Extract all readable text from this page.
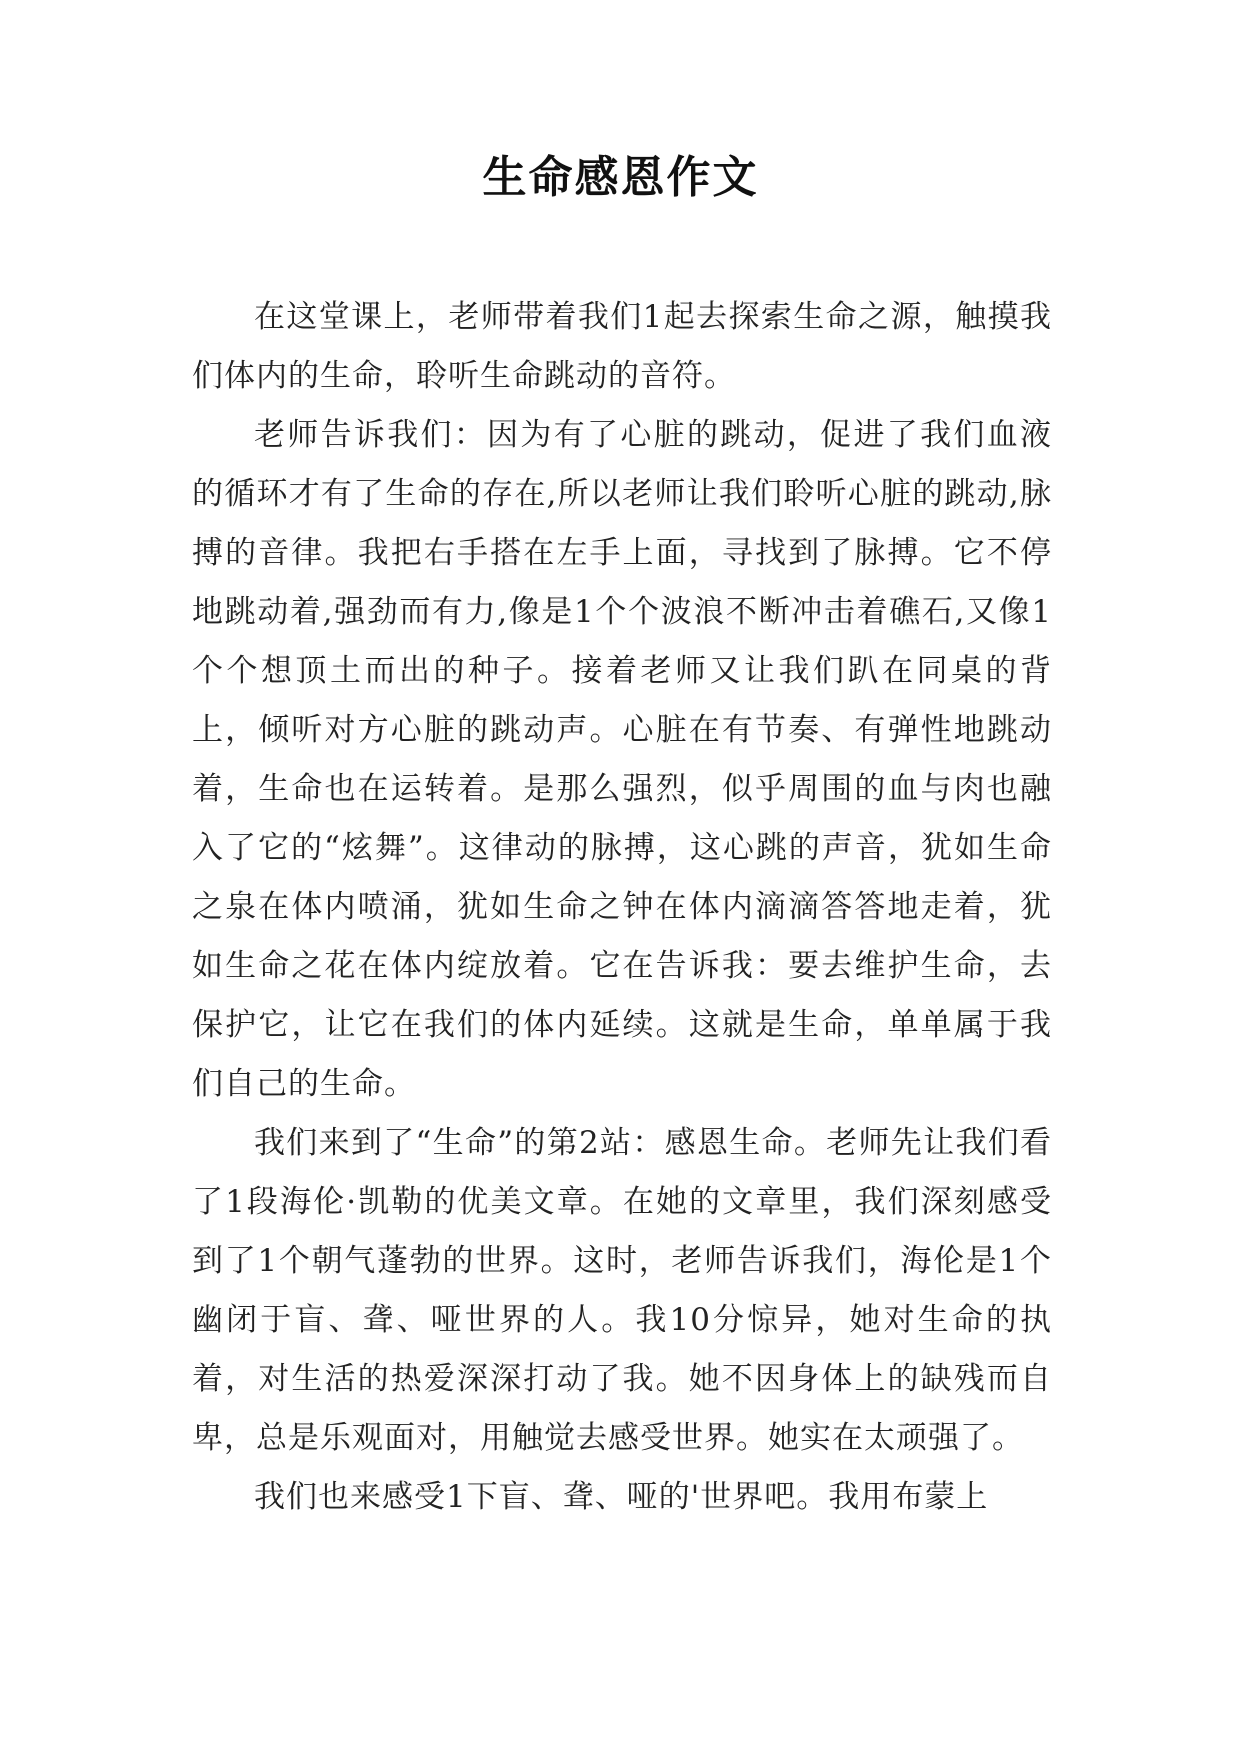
生命感恩作文

在这堂课上，老师带着我们1起去探索生命之源，触摸我们体内的生命，聆听生命跳动的音符。

老师告诉我们：因为有了心脏的跳动，促进了我们血液的循环才有了生命的存在,所以老师让我们聆听心脏的跳动,脉搏的音律。我把右手搭在左手上面，寻找到了脉搏。它不停地跳动着,强劲而有力,像是1个个波浪不断冲击着礁石,又像1个个想顶土而出的种子。接着老师又让我们趴在同桌的背上，倾听对方心脏的跳动声。心脏在有节奏、有弹性地跳动着，生命也在运转着。是那么强烈，似乎周围的血与肉也融入了它的“炫舞”。这律动的脉搏，这心跳的声音，犹如生命之泉在体内喷涌，犹如生命之钟在体内滴滴答答地走着，犹如生命之花在体内绽放着。它在告诉我：要去维护生命，去保护它，让它在我们的体内延续。这就是生命，单单属于我们自己的生命。

我们来到了“生命”的第2站：感恩生命。老师先让我们看了1段海伦·凯勒的优美文章。在她的文章里，我们深刻感受到了1个朝气蓬勃的世界。这时，老师告诉我们，海伦是1个幽闭于盲、聋、哑世界的人。我10分惊异，她对生命的执着，对生活的热爱深深打动了我。她不因身体上的缺残而自卑，总是乐观面对，用触觉去感受世界。她实在太顽强了。

我们也来感受1下盲、聋、哑的'世界吧。我用布蒙上
